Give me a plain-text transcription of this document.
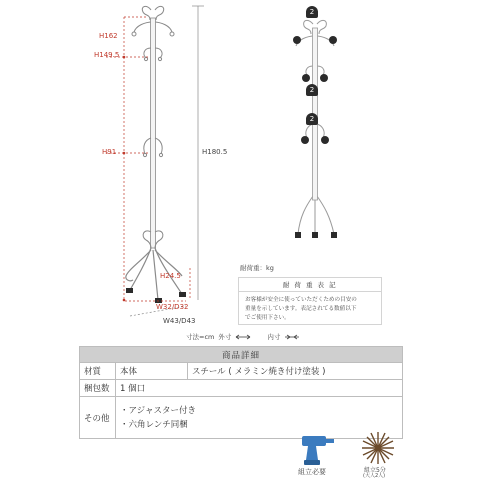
H162
H149.5
H91	H180.5
H24.5
W32/D32
W43/D43
2
2
2
耐荷重：kg
耐 荷 重 表 記
お客様が安全に使っていただくための目安の
重量を示しています。表記されてる数値以下
でご使用下さい。
寸法=cm 外寸	内寸
商品詳細		
材質	本体	スチール ( メラミン焼き付け塗装 )
梱包数	1 個口	
その他	・アジャスター付き
・六角レンチ同梱	
組立必要	組立5分
(大人2人)
